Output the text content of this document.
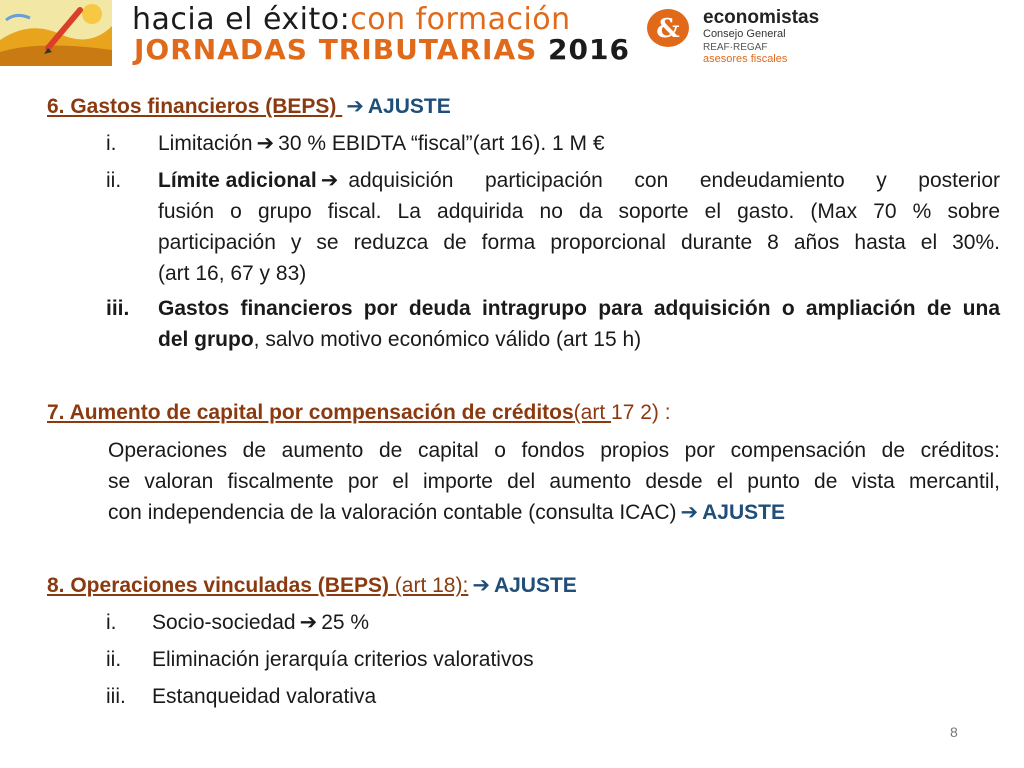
hacia el éxito:con formación
JORNADAS TRIBUTARIAS 2016
& economistas
Consejo General
REAF·REGAF
asesores fiscales
6. Gastos financieros (BEPS) ➔ AJUSTE
i. Limitación ➔ 30 % EBIDTA “fiscal”(art 16). 1 M €
ii. Límite adicional ➔ adquisición participación con endeudamiento y posterior
fusión o grupo fiscal. La adquirida no da soporte el gasto. (Max 70 % sobre
participación y se reduzca de forma proporcional durante 8 años hasta el 30%.
(art 16, 67 y 83)
iii. Gastos financieros por deuda intragrupo para adquisición o ampliación de una
del grupo, salvo motivo económico válido (art 15 h)
7. Aumento de capital por compensación de créditos(art 17 2) :
Operaciones de aumento de capital o fondos propios por compensación de créditos:
se valoran fiscalmente por el importe del aumento desde el punto de vista mercantil,
con independencia de la valoración contable (consulta ICAC) ➔ AJUSTE
8. Operaciones vinculadas (BEPS) (art 18): ➔ AJUSTE
i. Socio-sociedad ➔ 25 %
ii. Eliminación jerarquía criterios valorativos
iii. Estanqueidad valorativa
8
